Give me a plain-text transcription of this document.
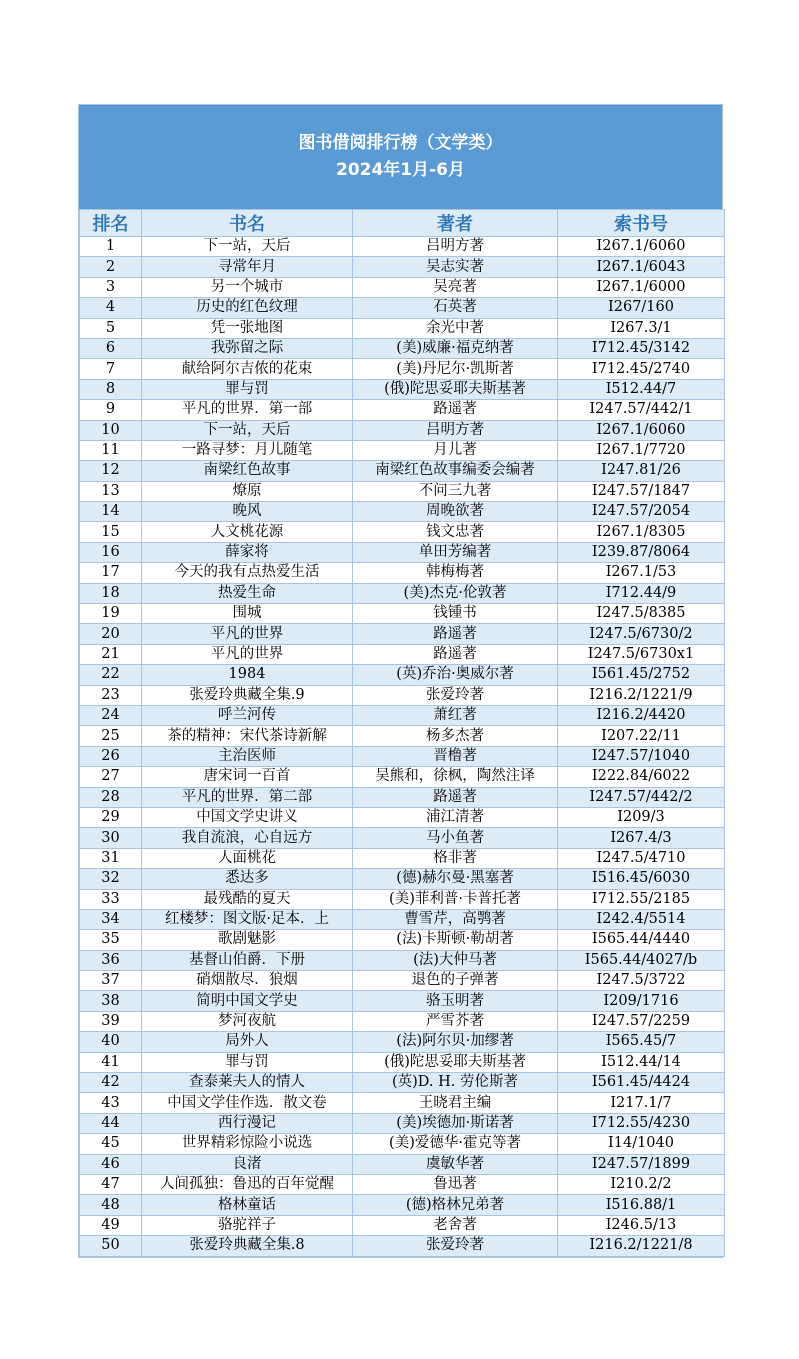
图书借阅排行榜（文学类）
2024年1月-6月
排名	书名	著者	索书号
1	下一站，天后	吕明方著	I267.1/6060
2	寻常年月	吴志实著	I267.1/6043
3	另一个城市	吴亮著	I267.1/6000
4	历史的红色纹理	石英著	I267/160
5	凭一张地图	余光中著	I267.3/1
6	我弥留之际	(美)威廉·福克纳著	I712.45/3142
7	献给阿尔吉侬的花束	(美)丹尼尔·凯斯著	I712.45/2740
8	罪与罚	(俄)陀思妥耶夫斯基著	I512.44/7
9	平凡的世界．第一部	路遥著	I247.57/442/1
10	下一站，天后	吕明方著	I267.1/6060
11	一路寻梦：月儿随笔	月儿著	I267.1/7720
12	南梁红色故事	南梁红色故事编委会编著	I247.81/26
13	燎原	不问三九著	I247.57/1847
14	晚风	周晚欲著	I247.57/2054
15	人文桃花源	钱文忠著	I267.1/8305
16	薛家将	单田芳编著	I239.87/8064
17	今天的我有点热爱生活	韩梅梅著	I267.1/53
18	热爱生命	(美)杰克·伦敦著	I712.44/9
19	围城	钱锺书	I247.5/8385
20	平凡的世界	路遥著	I247.5/6730/2
21	平凡的世界	路遥著	I247.5/6730x1
22	1984	(英)乔治·奥威尔著	I561.45/2752
23	张爱玲典藏全集.9	张爱玲著	I216.2/1221/9
24	呼兰河传	萧红著	I216.2/4420
25	茶的精神：宋代茶诗新解	杨多杰著	I207.22/11
26	主治医师	晋橹著	I247.57/1040
27	唐宋词一百首	吴熊和，徐枫，陶然注译	I222.84/6022
28	平凡的世界．第二部	路遥著	I247.57/442/2
29	中国文学史讲义	浦江清著	I209/3
30	我自流浪，心自远方	马小鱼著	I267.4/3
31	人面桃花	格非著	I247.5/4710
32	悉达多	(德)赫尔曼·黑塞著	I516.45/6030
33	最残酷的夏天	(美)菲利普·卡普托著	I712.55/2185
34	红楼梦：图文版·足本．上	曹雪芹，高鹗著	I242.4/5514
35	歌剧魅影	(法)卡斯顿·勒胡著	I565.44/4440
36	基督山伯爵．下册	(法)大仲马著	I565.44/4027/b
37	硝烟散尽．狼烟	退色的子弹著	I247.5/3722
38	简明中国文学史	骆玉明著	I209/1716
39	梦河夜航	严雪芥著	I247.57/2259
40	局外人	(法)阿尔贝·加缪著	I565.45/7
41	罪与罚	(俄)陀思妥耶夫斯基著	I512.44/14
42	查泰莱夫人的情人	(英)D. H. 劳伦斯著	I561.45/4424
43	中国文学佳作选．散文卷	王晓君主编	I217.1/7
44	西行漫记	(美)埃德加·斯诺著	I712.55/4230
45	世界精彩惊险小说选	(美)爱德华·霍克等著	I14/1040
46	良渚	虞敏华著	I247.57/1899
47	人间孤独：鲁迅的百年觉醒	鲁迅著	I210.2/2
48	格林童话	(德)格林兄弟著	I516.88/1
49	骆驼祥子	老舍著	I246.5/13
50	张爱玲典藏全集.8	张爱玲著	I216.2/1221/8
